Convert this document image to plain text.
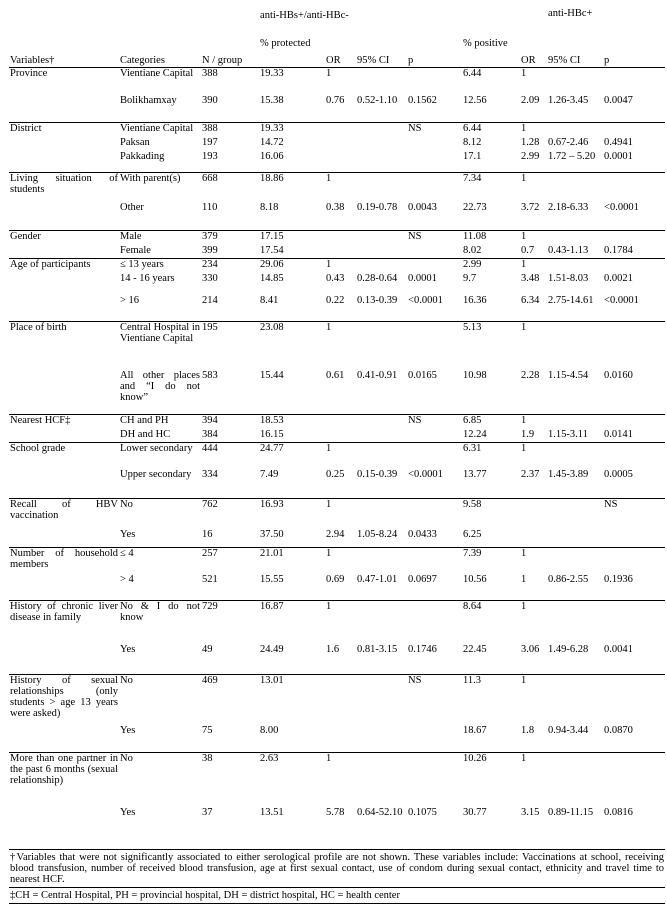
			anti-HBs+/anti-HBc-						anti-HBc+	
Variables†	Categories	N / group	% protected	OR	95% CI	p	% positive	OR	95% CI	p
Province	Vientiane Capital	388	19.33	1			6.44	1		
	Bolikhamxay	390	15.38	0.76	0.52-1.10	0.1562	12.56	2.09	1.26-3.45	0.0047
District	Vientiane Capital	388	19.33			NS	6.44	1		
	Paksan	197	14.72				8.12	1.28	0.67-2.46	0.4941
	Pakkading	193	16.06				17.1	2.99	1.72 – 5.20	0.0001
Living situation of students	With parent(s)	668	18.86	1			7.34	1		
	Other	110	8.18	0.38	0.19-0.78	0.0043	22.73	3.72	2.18-6.33	<0.0001
Gender	Male	379	17.15			NS	11.08	1		
	Female	399	17.54				8.02	0.7	0.43-1.13	0.1784
Age of participants	≤ 13 years	234	29.06	1			2.99	1		
	14 - 16 years	330	14.85	0.43	0.28-0.64	0.0001	9.7	3.48	1.51-8.03	0.0021
	> 16	214	8.41	0.22	0.13-0.39	<0.0001	16.36	6.34	2.75-14.61	<0.0001
Place of birth	Central Hospital in Vientiane Capital	195	23.08	1			5.13	1		
	All other places and “I do not know”	583	15.44	0.61	0.41-0.91	0.0165	10.98	2.28	1.15-4.54	0.0160
Nearest HCF‡	CH and PH	394	18.53			NS	6.85	1		
	DH and HC	384	16.15				12.24	1.9	1.15-3.11	0.0141
School grade	Lower secondary	444	24.77	1			6.31	1		
	Upper secondary	334	7.49	0.25	0.15-0.39	<0.0001	13.77	2.37	1.45-3.89	0.0005
Recall of HBV vaccination	No	762	16.93	1			9.58			NS
	Yes	16	37.50	2.94	1.05-8.24	0.0433	6.25			
Number of household members	≤ 4	257	21.01	1			7.39	1		
	> 4	521	15.55	0.69	0.47-1.01	0.0697	10.56	1	0.86-2.55	0.1936
History of chronic liver disease in family	No & I do not know	729	16.87	1			8.64	1		
	Yes	49	24.49	1.6	0.81-3.15	0.1746	22.45	3.06	1.49-6.28	0.0041
History of sexual relationships (only students > age 13 years were asked)	No	469	13.01			NS	11.3	1		
	Yes	75	8.00				18.67	1.8	0.94-3.44	0.0870
More than one partner in the past 6 months (sexual relationship)	No	38	2.63	1			10.26	1		
	Yes	37	13.51	5.78	0.64-52.10	0.1075	30.77	3.15	0.89-11.15	0.0816
†Variables that were not significantly associated to either serological profile are not shown. These variables include: Vaccinations at school, receiving blood transfusion, number of received blood transfusion, age at first sexual contact, use of condom during sexual contact, ethnicity and travel time to nearest HCF.										
‡CH = Central Hospital, PH = provincial hospital, DH = district hospital, HC = health center										
